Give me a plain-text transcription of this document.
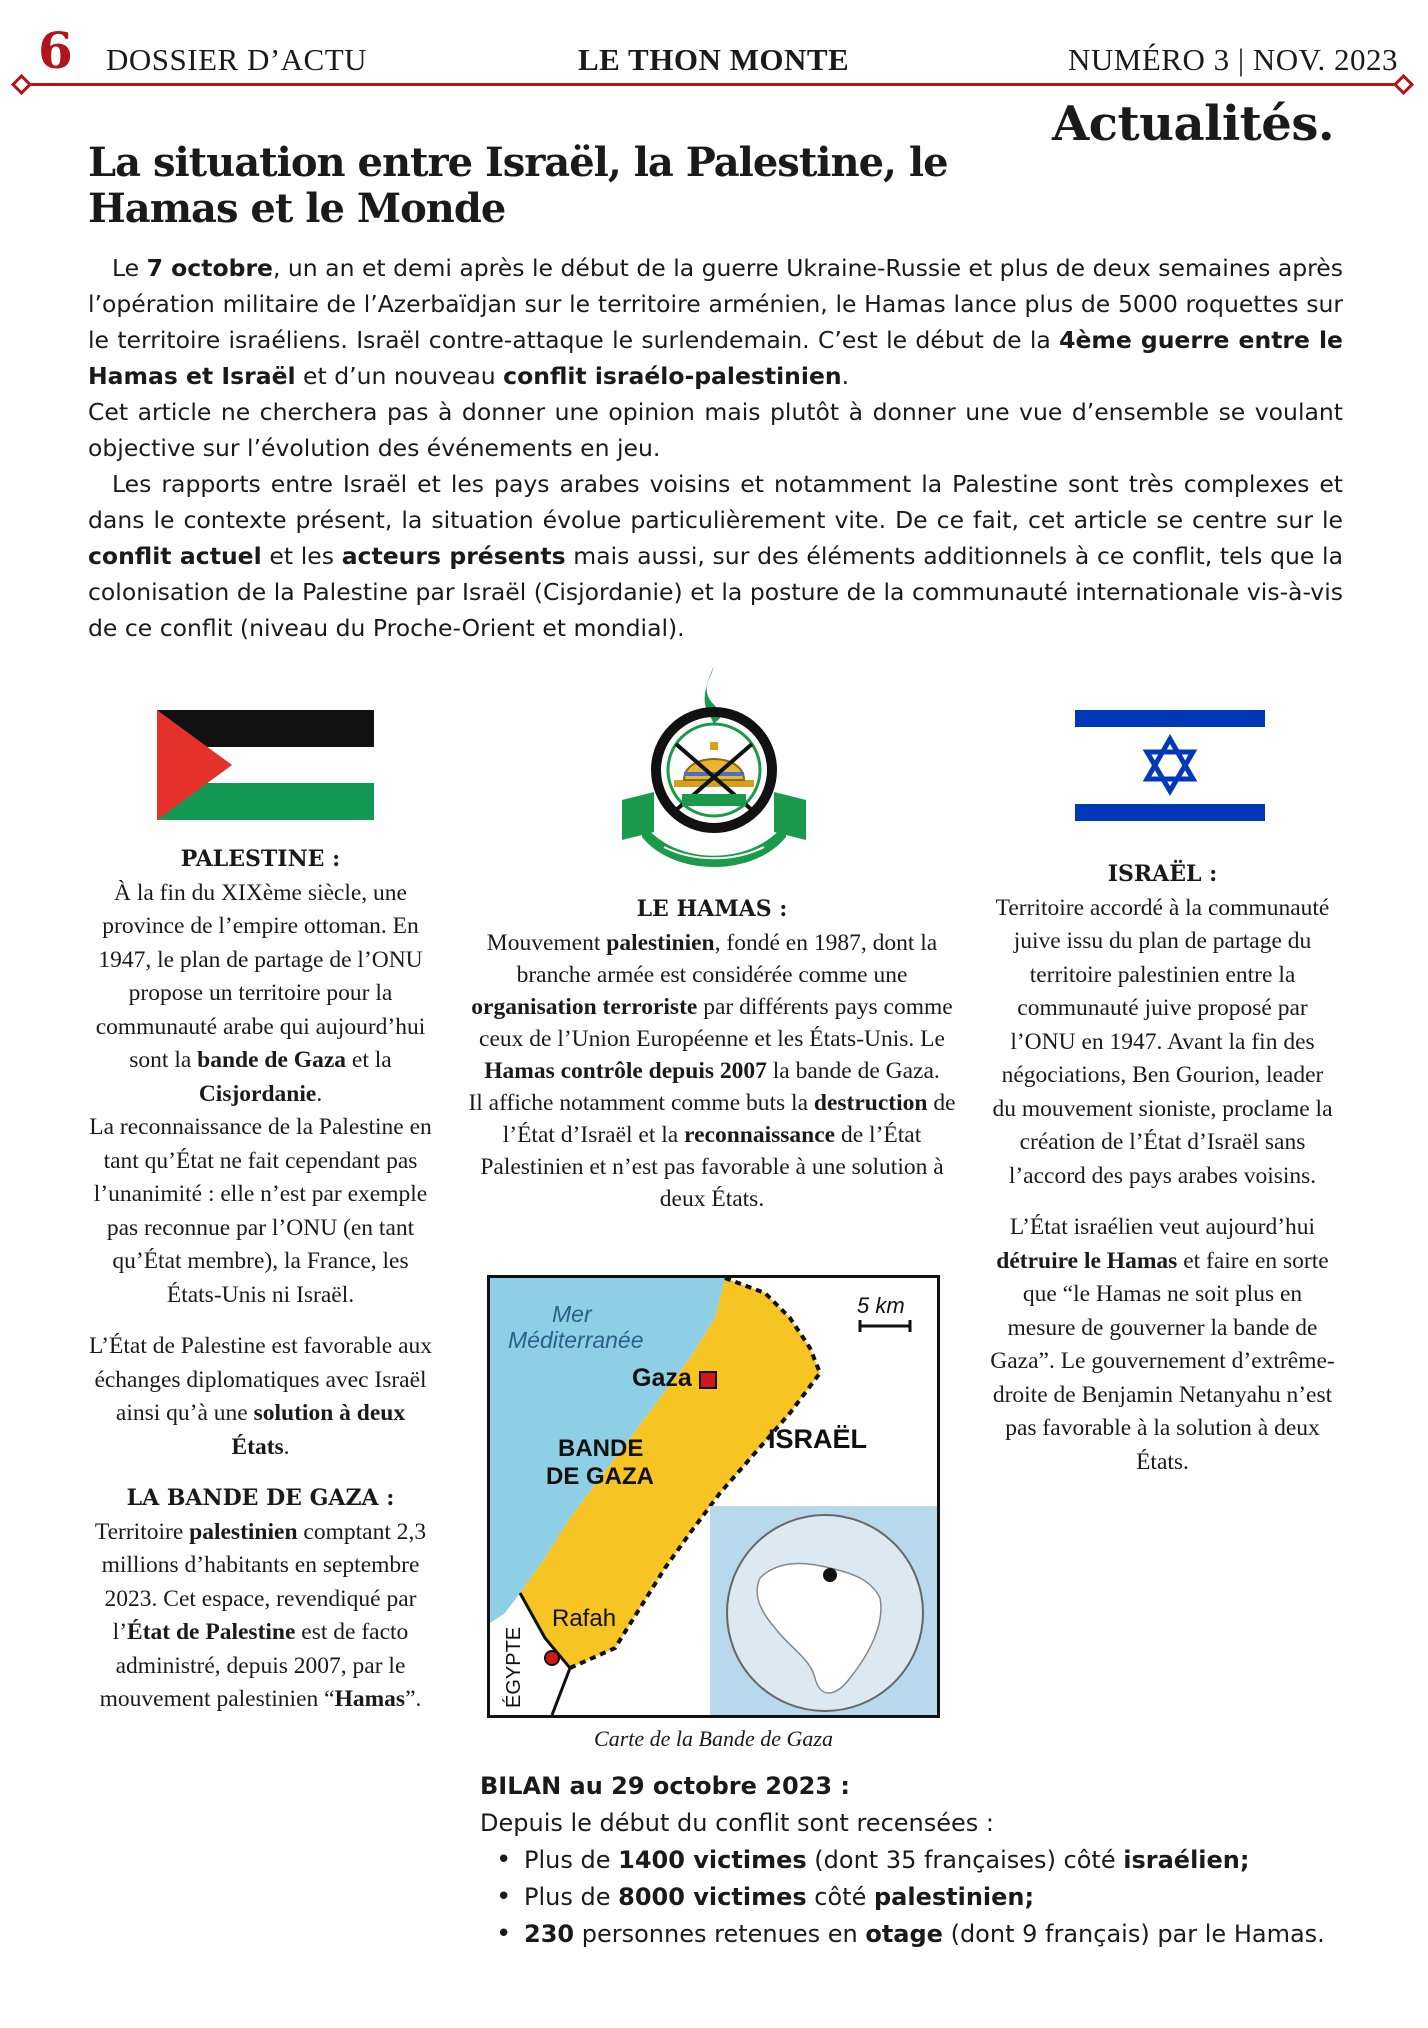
6 DOSSIER D’ACTU	LE THON MONTE	NUMÉRO 3 | NOV. 2023
Actualités.
La situation entre Israël, la Palestine, le
Hamas et le Monde

Le 7 octobre, un an et demi après le début de la guerre Ukraine-Russie et plus de deux semaines après l’opération militaire de l’Azerbaïdjan sur le territoire arménien, le Hamas lance plus de 5000 roquettes sur le territoire israéliens. Israël contre-attaque le surlendemain. C’est le début de la 4ème guerre entre le Hamas et Israël et d’un nouveau conflit israélo-palestinien.

Cet article ne cherchera pas à donner une opinion mais plutôt à donner une vue d’ensemble se voulant objective sur l’évolution des événements en jeu.

Les rapports entre Israël et les pays arabes voisins et notamment la Palestine sont très complexes et dans le contexte présent, la situation évolue particulièrement vite. De ce fait, cet article se centre sur le conflit actuel et les acteurs présents mais aussi, sur des éléments additionnels à ce conflit, tels que la colonisation de la Palestine par Israël (Cisjordanie) et la posture de la communauté internationale vis-à-vis de ce conflit (niveau du Proche-Orient et mondial).

PALESTINE :

À la fin du XIXème siècle, une province de l’empire ottoman. En 1947, le plan de partage de l’ONU propose un territoire pour la communauté arabe qui aujourd’hui sont la bande de Gaza et la Cisjordanie.

La reconnaissance de la Palestine en tant qu’État ne fait cependant pas l’unanimité : elle n’est par exemple pas reconnue par l’ONU (en tant qu’État membre), la France, les États-Unis ni Israël.

L’État de Palestine est favorable aux échanges diplomatiques avec Israël ainsi qu’à une solution à deux États.

LA BANDE DE GAZA :

Territoire palestinien comptant 2,3 millions d’habitants en septembre 2023. Cet espace, revendiqué par l’État de Palestine est de facto administré, depuis 2007, par le mouvement palestinien “Hamas”.

LE HAMAS :

Mouvement palestinien, fondé en 1987, dont la branche armée est considérée comme une organisation terroriste par différents pays comme ceux de l’Union Européenne et les États-Unis. Le Hamas contrôle depuis 2007 la bande de Gaza.

Il affiche notamment comme buts la destruction de l’État d’Israël et la reconnaissance de l’État Palestinien et n’est pas favorable à une solution à deux États.

Mer
Méditerranée
5 km
Gaza
BANDE
DE GAZA
ISRAËL
Rafah
ÉGYPTE
Carte de la Bande de Gaza

ISRAËL :

Territoire accordé à la communauté juive issu du plan de partage du territoire palestinien entre la communauté juive proposé par l’ONU en 1947. Avant la fin des négociations, Ben Gourion, leader du mouvement sioniste, proclame la création de l’État d’Israël sans l’accord des pays arabes voisins.

L’État israélien veut aujourd’hui détruire le Hamas et faire en sorte que “le Hamas ne soit plus en mesure de gouverner la bande de Gaza”. Le gouvernement d’extrême-droite de Benjamin Netanyahu n’est pas favorable à la solution à deux États.

BILAN au 29 octobre 2023 :
Depuis le début du conflit sont recensées :
• Plus de 1400 victimes (dont 35 françaises) côté israélien;
• Plus de 8000 victimes côté palestinien;
• 230 personnes retenues en otage (dont 9 français) par le Hamas.
